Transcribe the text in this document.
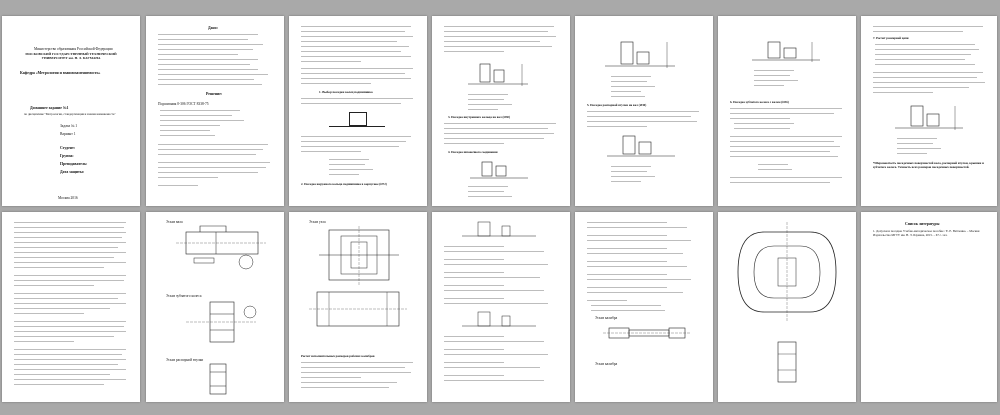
Министерство образования Российской Федерации
МОСКОВСКИЙ ГОСУДАРСТВЕННЫЙ ТЕХНИЧЕСКИЙ УНИВЕРСИТЕТ им. Н. Э. БАУМАНА
Кафедра «Метрология и взаимозаменяемость»
Домашнее задание №1
по дисциплине "Метрология, стандартизация и взаимозаменяемость"
Задача № 1
Вариант 1
Студент:
Группа:
Преподаватель:
Дата защиты:
Москва 2016
Дано:
Решение:
Подшипник 0-306 ГОСТ 8338-75
1. Выбор посадки колец подшипника
2. Посадка наружного кольца подшипника в корпусное (Ø72)
3. Посадка внутреннего кольца на вал (Ø30)
4. Посадка шпоночного соединения
5. Посадка распорной втулки на вал (Ø30)
6. Посадка зубчатого колеса с валом (Ø36)
7. Расчет размерной цепи
*Шероховатость посадочных поверхностей вала, распорной втулки, крышки и зубчатого колеса. Точность всех размеров посадочных поверхностей.
Эскиз вала
Эскиз зубчатого колеса
Эскиз распорной втулки
Эскиз узла
Расчет исполнительных размеров рабочих калибров
Эскиз калибра
Эскиз калибра
Список литературы
1. Допуски и посадки. Учебно-методическое пособие / Е. Е. Витченко. – Москва: Издательство МГТУ им. Н. Э. Баумана, 2015. – 67 с.: ил.
